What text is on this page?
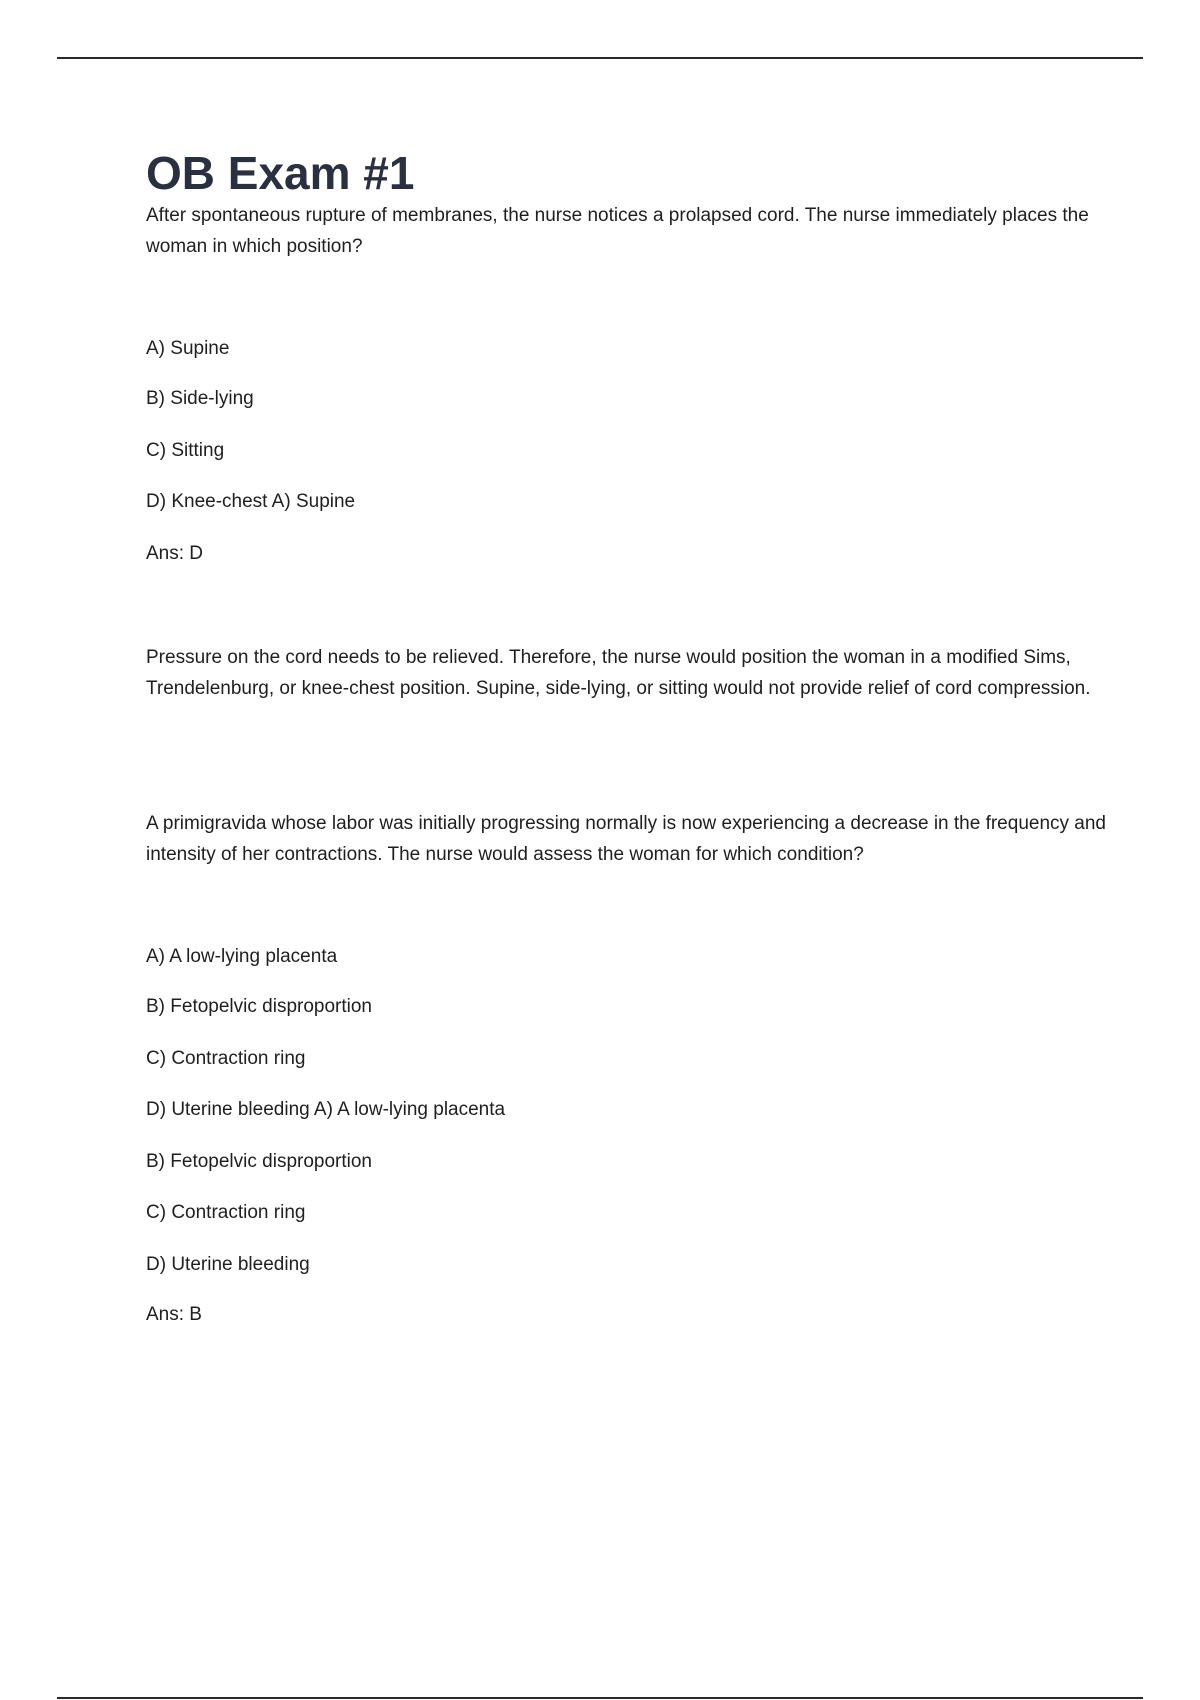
OB Exam #1

After spontaneous rupture of membranes, the nurse notices a prolapsed cord. The nurse immediately places the woman in which position?

A) Supine

B) Side-lying

C) Sitting

D) Knee-chest A) Supine

Ans: D

Pressure on the cord needs to be relieved. Therefore, the nurse would position the woman in a modified Sims, Trendelenburg, or knee-chest position. Supine, side-lying, or sitting would not provide relief of cord compression.

A primigravida whose labor was initially progressing normally is now experiencing a decrease in the frequency and intensity of her contractions. The nurse would assess the woman for which condition?

A) A low-lying placenta

B) Fetopelvic disproportion

C) Contraction ring

D) Uterine bleeding A) A low-lying placenta

B) Fetopelvic disproportion

C) Contraction ring

D) Uterine bleeding

Ans: B
